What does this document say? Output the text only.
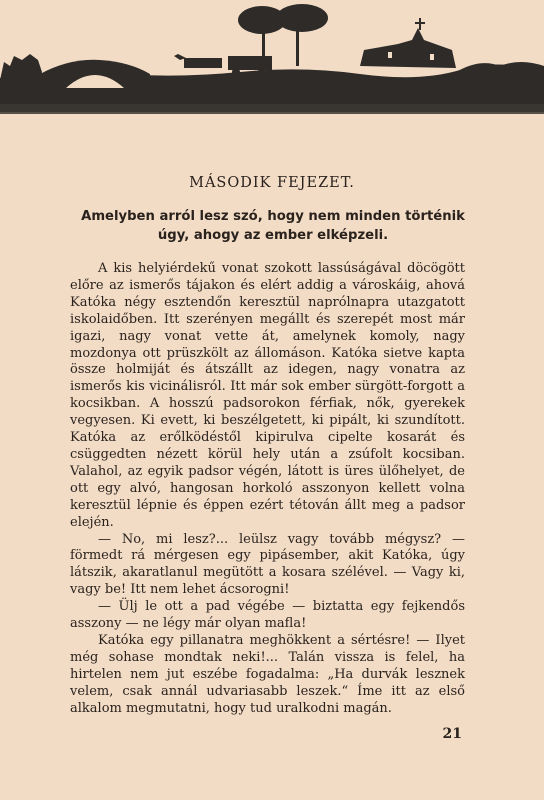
MÁSODIK FEJEZET.
Amelyben arról lesz szó, hogy nem minden történik úgy, ahogy az ember elképzeli.

A kis helyiérdekű vonat szokott lassúságával döcögött előre az ismerős tájakon és elért addig a városkáig, ahová Katóka négy esztendőn keresztül naprólnapra utazgatott iskolaidőben. Itt szerényen megállt és szerepét most már igazi, nagy vonat vette át, amelynek komoly, nagy mozdonya ott prüszkölt az állomáson. Katóka sietve kapta össze holmiját és átszállt az idegen, nagy vonatra az ismerős kis vicinálisról. Itt már sok ember sürgött-forgott a kocsikban. A hosszú padsorokon férfiak, nők, gyerekek vegyesen. Ki evett, ki beszélgetett, ki pipált, ki szundított. Katóka az erőlködéstől kipirulva cipelte kosarát és csüggedten nézett körül hely után a zsúfolt kocsiban. Valahol, az egyik padsor végén, látott is üres ülőhelyet, de ott egy alvó, hangosan horkoló asszonyon kellett volna keresztül lépnie és éppen ezért tétován állt meg a padsor elején.

— No, mi lesz?... leülsz vagy tovább mégysz? — förmedt rá mérgesen egy pipásember, akit Katóka, úgy látszik, akaratlanul megütött a kosara szélével. — Vagy ki, vagy be! Itt nem lehet ácsorogni!

— Ülj le ott a pad végébe — biztatta egy fejkendős asszony — ne légy már olyan mafla!

Katóka egy pillanatra meghökkent a sértésre! — Ilyet még sohase mondtak neki!... Talán vissza is felel, ha hirtelen nem jut eszébe fogadalma: „Ha durvák lesznek velem, csak annál udvariasabb leszek.“ Íme itt az első alkalom megmutatni, hogy tud uralkodni magán.

21
